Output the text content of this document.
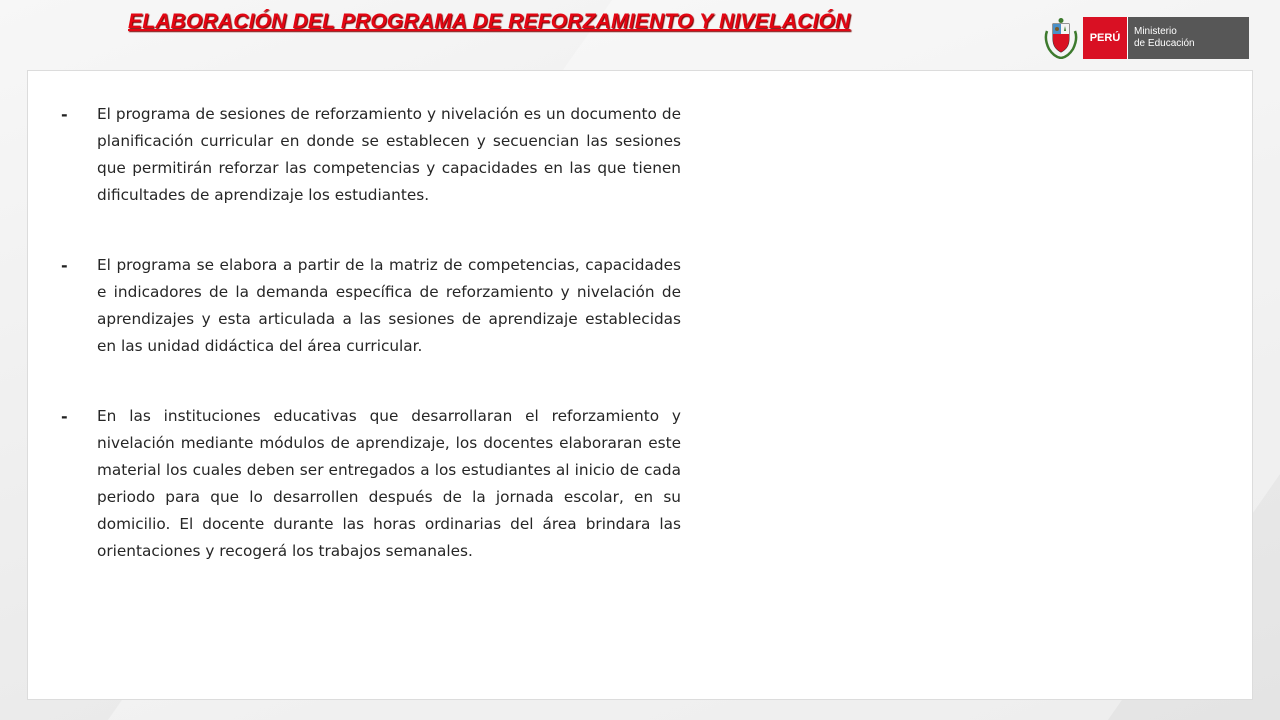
ELABORACIÓN DEL PROGRAMA DE REFORZAMIENTO Y NIVELACIÓN
PERÚ
Ministerio
de Educación
- El programa de sesiones de reforzamiento y nivelación es un documento de planificación curricular en donde se establecen y secuencian las sesiones que permitirán reforzar las competencias y capacidades en las que tienen dificultades de aprendizaje los estudiantes.
- El programa se elabora a partir de la matriz de competencias, capacidades e indicadores de la demanda específica de reforzamiento y nivelación de aprendizajes y esta articulada a las sesiones de aprendizaje establecidas en las unidad didáctica del área curricular.
- En las instituciones educativas que desarrollaran el reforzamiento y nivelación mediante módulos de aprendizaje, los docentes elaboraran este material los cuales deben ser entregados a los estudiantes al inicio de cada periodo para que lo desarrollen después de la jornada escolar, en su domicilio. El docente durante las horas ordinarias del área brindara las orientaciones y recogerá los trabajos semanales.
